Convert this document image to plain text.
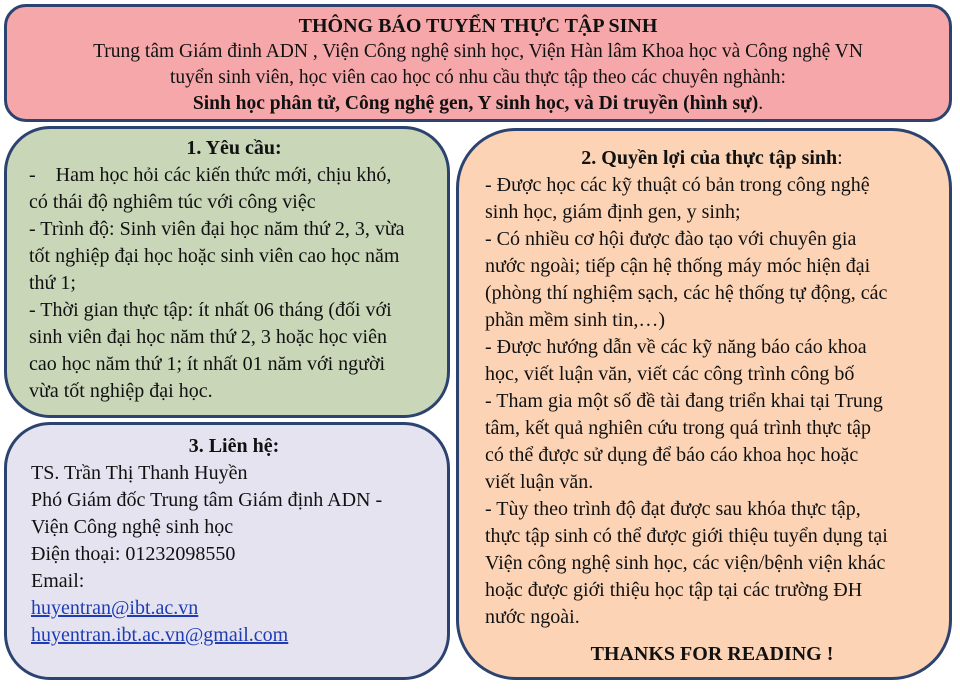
THÔNG BÁO TUYỂN THỰC TẬP SINH
Trung tâm Giám đinh ADN , Viện Công nghệ sinh học, Viện Hàn lâm Khoa học và Công nghệ VN
tuyển sinh viên, học viên cao học có nhu cầu thực tập theo các chuyên nghành:
Sinh học phân tử, Công nghệ gen, Y sinh học, và Di truyền (hình sự).
1. Yêu cầu:
-    Ham học hỏi các kiến thức mới, chịu khó,
có thái độ nghiêm túc với công việc
- Trình độ: Sinh viên đại học năm thứ 2, 3, vừa
tốt nghiệp đại học hoặc sinh viên cao học năm
thứ 1;
- Thời gian thực tập: ít nhất 06 tháng (đối với
sinh viên đại học năm thứ 2, 3 hoặc học viên
cao học năm thứ 1; ít nhất 01 năm với người
vừa tốt nghiệp đại học.
3. Liên hệ:
TS. Trần Thị Thanh Huyền
Phó Giám đốc Trung tâm Giám định ADN -
Viện Công nghệ sinh học
Điện thoại: 01232098550
Email:
huyentran@ibt.ac.vn
huyentran.ibt.ac.vn@gmail.com
2. Quyền lợi của thực tập sinh:
- Được học các kỹ thuật có bản trong công nghệ
sinh học, giám định gen, y sinh;
- Có nhiều cơ hội được đào tạo với chuyên gia
nước ngoài; tiếp cận hệ thống máy móc hiện đại
(phòng thí nghiệm sạch, các hệ thống tự động, các
phần mềm sinh tin,…)
- Được hướng dẫn về các kỹ năng báo cáo khoa
học, viết luận văn, viết các công trình công bố
- Tham gia một số đề tài đang triển khai tại Trung
tâm, kết quả nghiên cứu trong quá trình thực tập
có thể được sử dụng để báo cáo khoa học hoặc
viết luận văn.
- Tùy theo trình độ đạt được sau khóa thực tập,
thực tập sinh có thể được giới thiệu tuyển dụng tại
Viện công nghệ sinh học, các viện/bệnh viện khác
hoặc được giới thiệu học tập tại các trường ĐH
nước ngoài.
THANKS FOR READING !
